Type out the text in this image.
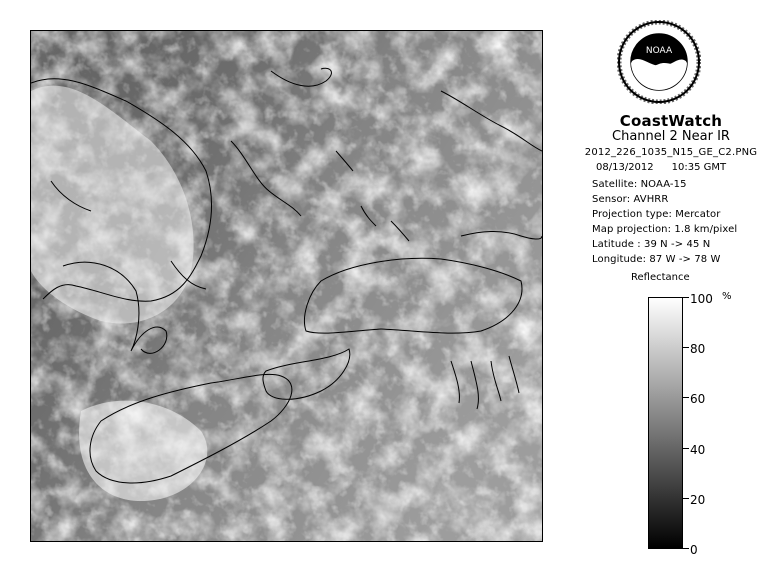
NOAA
CoastWatch
Channel 2 Near IR
2012_226_1035_N15_GE_C2.PNG
08/13/2012 10:35 GMT
Satellite: NOAA-15
Sensor: AVHRR
Projection type: Mercator
Map projection: 1.8 km/pixel
Latitude : 39 N -> 45 N
Longitude: 87 W -> 78 W
Reflectance
%
100
80
60
40
20
0
